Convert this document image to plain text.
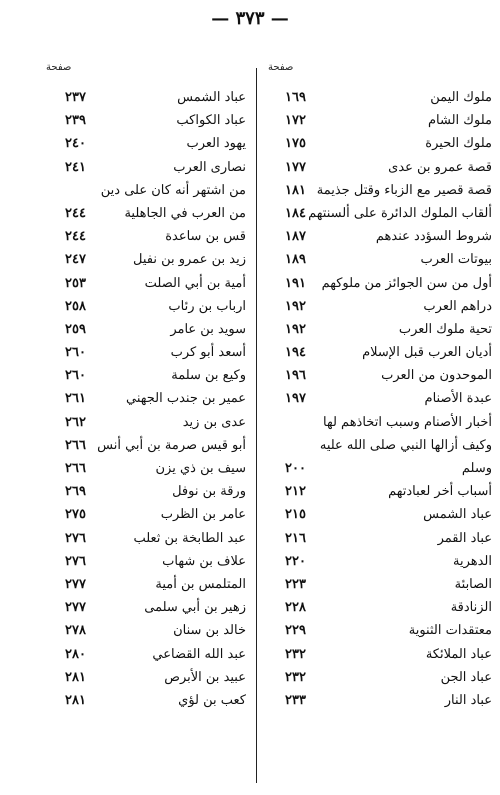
— ٣٧٣ —
صفحة
صفحة
ملوك اليمن
١٦٩
ملوك الشام
١٧٢
ملوك الحيرة
١٧٥
قصة عمرو بن عدى
١٧٧
قصة قصير مع الزباء وقتل جذيمة
١٨١
ألقاب الملوك الدائرة على ألسنتهم
١٨٤
شروط السؤدد عندهم
١٨٧
بيوتات العرب
١٨٩
أول من سن الجوائز من ملوكهم
١٩١
دراهم العرب
١٩٢
تحية ملوك العرب
١٩٢
أديان العرب قبل الإسلام
١٩٤
الموحدون من العرب
١٩٦
عبدة الأصنام
١٩٧
أخبار الأصنام وسبب اتخاذهم لها
وكيف أزالها النبي صلى الله عليه
وسلم
٢٠٠
أسباب أخر لعبادتهم
٢١٢
عباد الشمس
٢١٥
عباد القمر
٢١٦
الدهرية
٢٢٠
الصابئة
٢٢٣
الزنادقة
٢٢٨
معتقدات الثنوية
٢٢٩
عباد الملائكة
٢٣٢
عباد الجن
٢٣٢
عباد النار
٢٣٣
عباد الشمس
٢٣٧
عباد الكواكب
٢٣٩
يهود العرب
٢٤٠
نصارى العرب
٢٤١
من اشتهر أنه كان على دين
من العرب في الجاهلية
٢٤٤
قس بن ساعدة
٢٤٤
زيد بن عمرو بن نفيل
٢٤٧
أمية بن أبي الصلت
٢٥٣
ارباب بن رئاب
٢٥٨
سويد بن عامر
٢٥٩
أسعد أبو كرب
٢٦٠
وكيع بن سلمة
٢٦٠
عمير بن جندب الجهني
٢٦١
عدى بن زيد
٢٦٢
أبو قيس صرمة بن أبي أنس
٢٦٦
سيف بن ذي يزن
٢٦٦
ورقة بن نوفل
٢٦٩
عامر بن الظرب
٢٧٥
عبد الطابخة بن ثعلب
٢٧٦
علاف بن شهاب
٢٧٦
المتلمس بن أمية
٢٧٧
زهير بن أبي سلمى
٢٧٧
خالد بن سنان
٢٧٨
عبد الله القضاعي
٢٨٠
عبيد بن الأبرص
٢٨١
كعب بن لؤي
٢٨١
